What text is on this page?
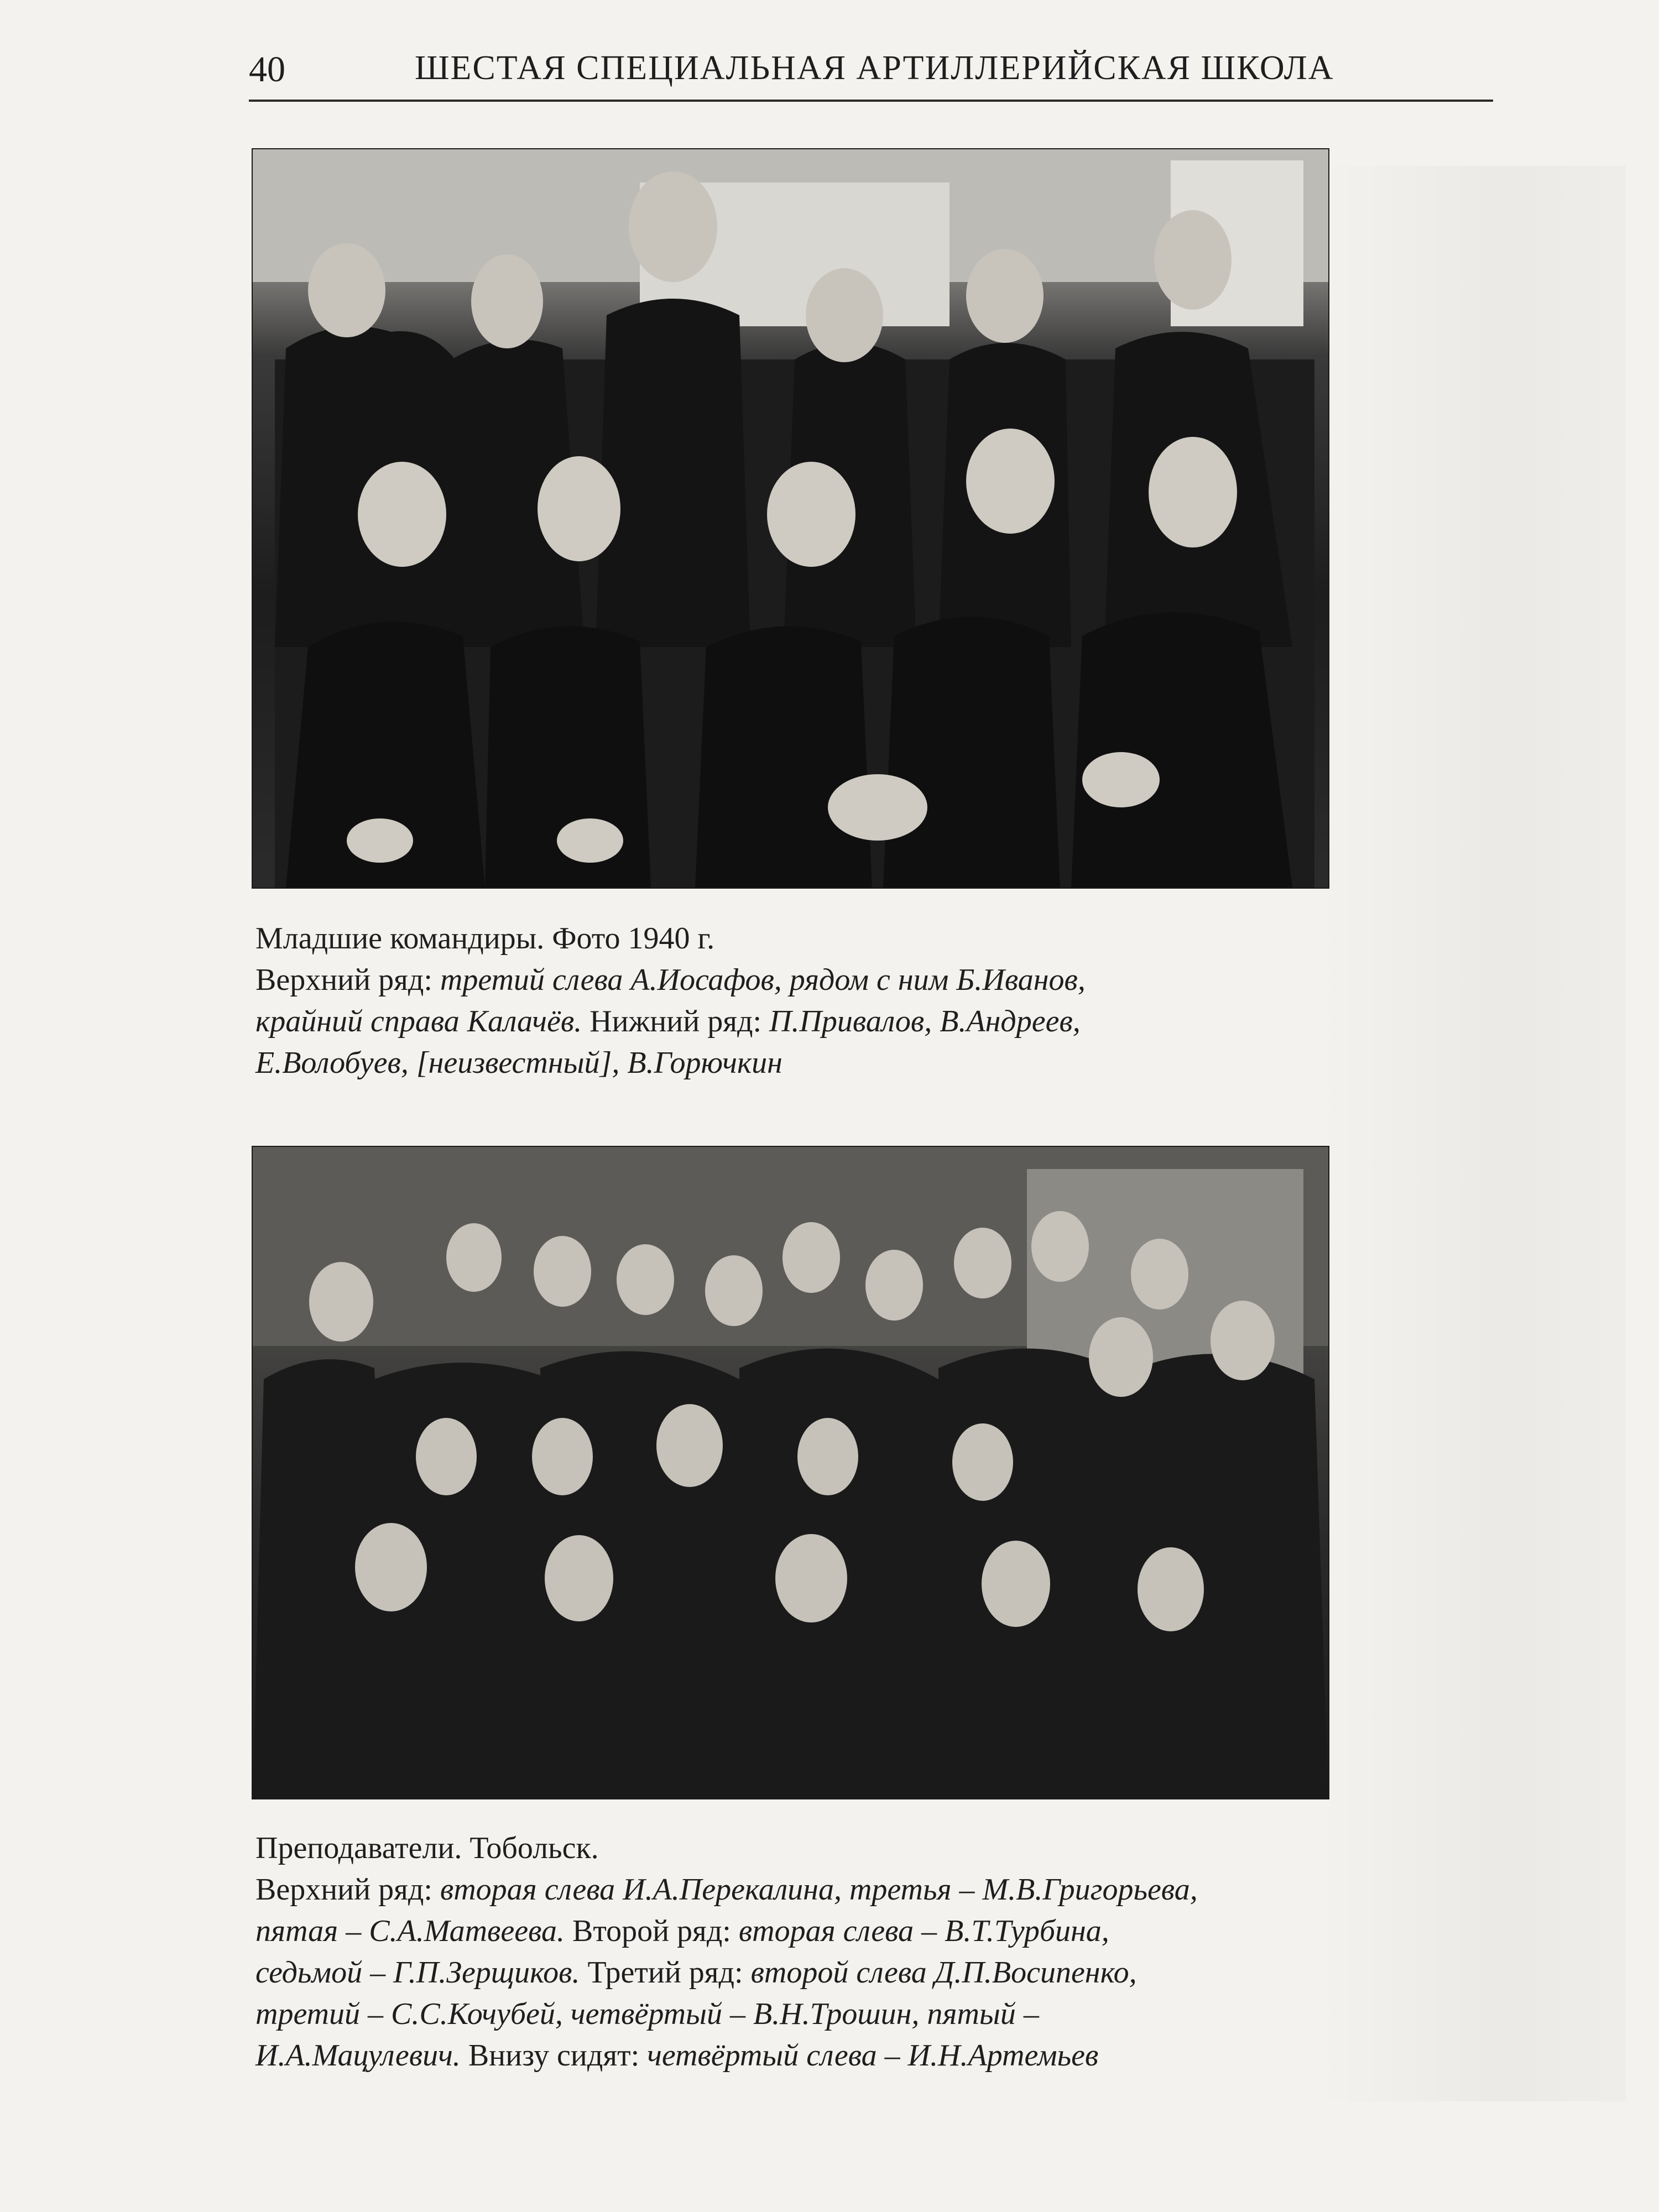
40	ШЕСТАЯ СПЕЦИАЛЬНАЯ АРТИЛЛЕРИЙСКАЯ ШКОЛА

Младшие командиры. Фото 1940 г.

Верхний ряд: третий слева А.Иосафов, рядом с ним Б.Иванов,
крайний справа Калачёв. Нижний ряд: П.Привалов, В.Андреев,
Е.Волобуев, [неизвестный], В.Горючкин

Преподаватели. Тобольск.

Верхний ряд: вторая слева И.А.Перекалина, третья – М.В.Григорьева,
пятая – С.А.Матвеева. Второй ряд: вторая слева – В.Т.Турбина,
седьмой – Г.П.Зерщиков. Третий ряд: второй слева Д.П.Восипенко,
третий – С.С.Кочубей, четвёртый – В.Н.Трошин, пятый –
И.А.Мацулевич. Внизу сидят: четвёртый слева – И.Н.Артемьев
